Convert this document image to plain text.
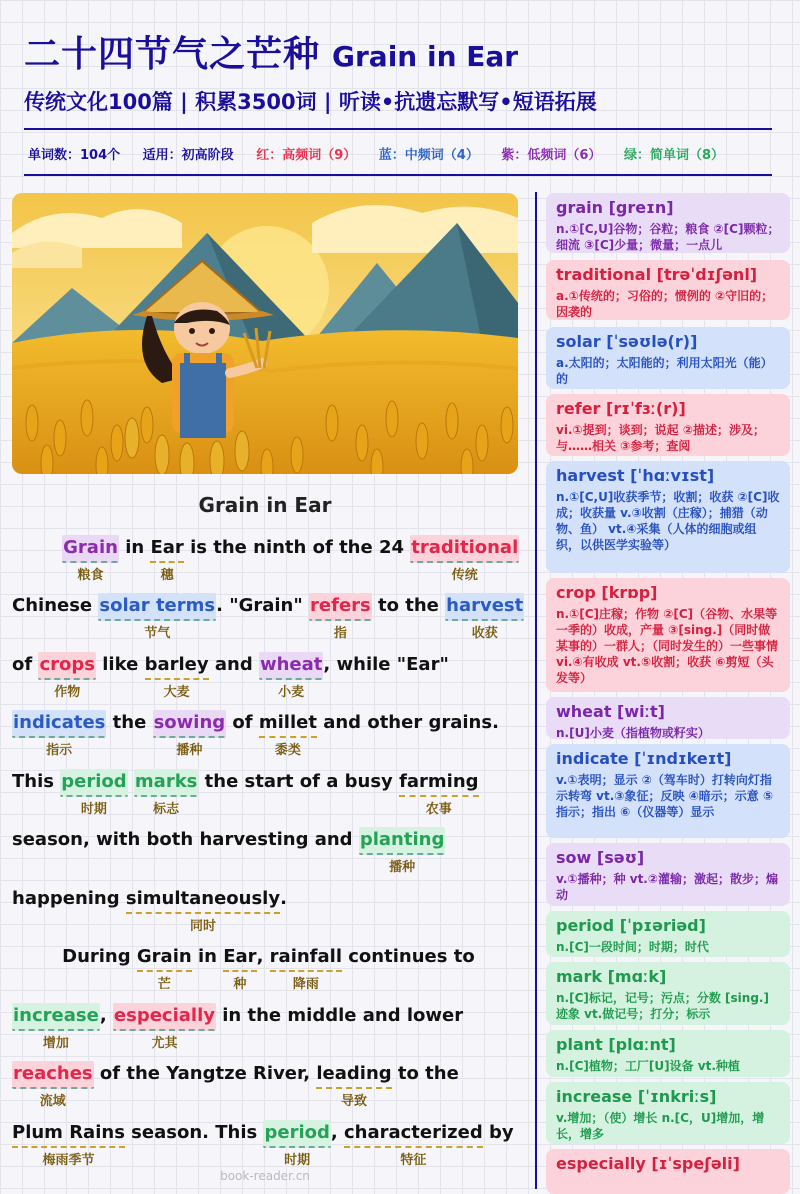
二十四节气之芒种 Grain in Ear
传统文化100篇 | 积累3500词 | 听读•抗遗忘默写•短语拓展
单词数：104个 适用：初高阶段 红：高频词（9） 蓝：中频词（4） 紫：低频词（6） 绿：简单词（8）
Grain in Ear
Grain
粮食
in Ear
穗
is the ninth of the 24 traditional
传统
Chinese solar terms
节气
. "Grain" refers
指
to the harvest
收获
of crops
作物
like barley
大麦
and wheat
小麦
, while "Ear"
indicates
指示
the sowing
播种
of millet
黍类
and other grains.
This period
时期
marks
标志
the start of a busy farming
农事
season, with both harvesting and planting
播种
happening simultaneously
同时
.
During Grain
芒
in Ear
种
, rainfall
降雨
continues to
increase
增加
, especially
尤其
in the middle and lower
reaches
流域
of the Yangtze River, leading
导致
to the
Plum Rains
梅雨季节
season. This period
时期
, characterized
特征
by
grain [greɪn]
n.①[C,U]谷物；谷粒；粮食 ②[C]颗粒；细流 ③[C]少量；微量；一点儿
traditional [trəˈdɪʃənl]
a.①传统的；习俗的；惯例的 ②守旧的；因袭的
solar [ˈsəʊlə(r)]
a.太阳的；太阳能的；利用太阳光（能）的
refer [rɪˈfɜː(r)]
vi.①提到；谈到；说起 ②描述；涉及；与……相关 ③参考；查阅
harvest [ˈhɑːvɪst]
n.①[C,U]收获季节；收割；收获 ②[C]收成；收获量 v.③收割（庄稼）；捕猎（动物、鱼） vt.④采集（人体的细胞或组织，以供医学实验等）
crop [krɒp]
n.①[C]庄稼；作物 ②[C]（谷物、水果等一季的）收成，产量 ③[sing.]（同时做某事的）一群人；（同时发生的）一些事情 vi.④有收成 vt.⑤收割；收获 ⑥剪短（头发等）
wheat [wiːt]
n.[U]小麦（指植物或籽实）
indicate [ˈɪndɪkeɪt]
v.①表明；显示 ②（驾车时）打转向灯指示转弯 vt.③象征；反映 ④暗示；示意 ⑤指示；指出 ⑥（仪器等）显示
sow [səʊ]
v.①播种；种 vt.②灌输；激起；散步；煽动
period [ˈpɪəriəd]
n.[C]一段时间；时期；时代
mark [mɑːk]
n.[C]标记，记号；污点；分数 [sing.]迹象 vt.做记号；打分；标示
plant [plɑːnt]
n.[C]植物；工厂[U]设备 vt.种植
increase [ˈɪnkriːs]
v.增加；（使）增长 n.[C，U]增加，增长，增多
especially [ɪˈspeʃəli]
book-reader.cn
